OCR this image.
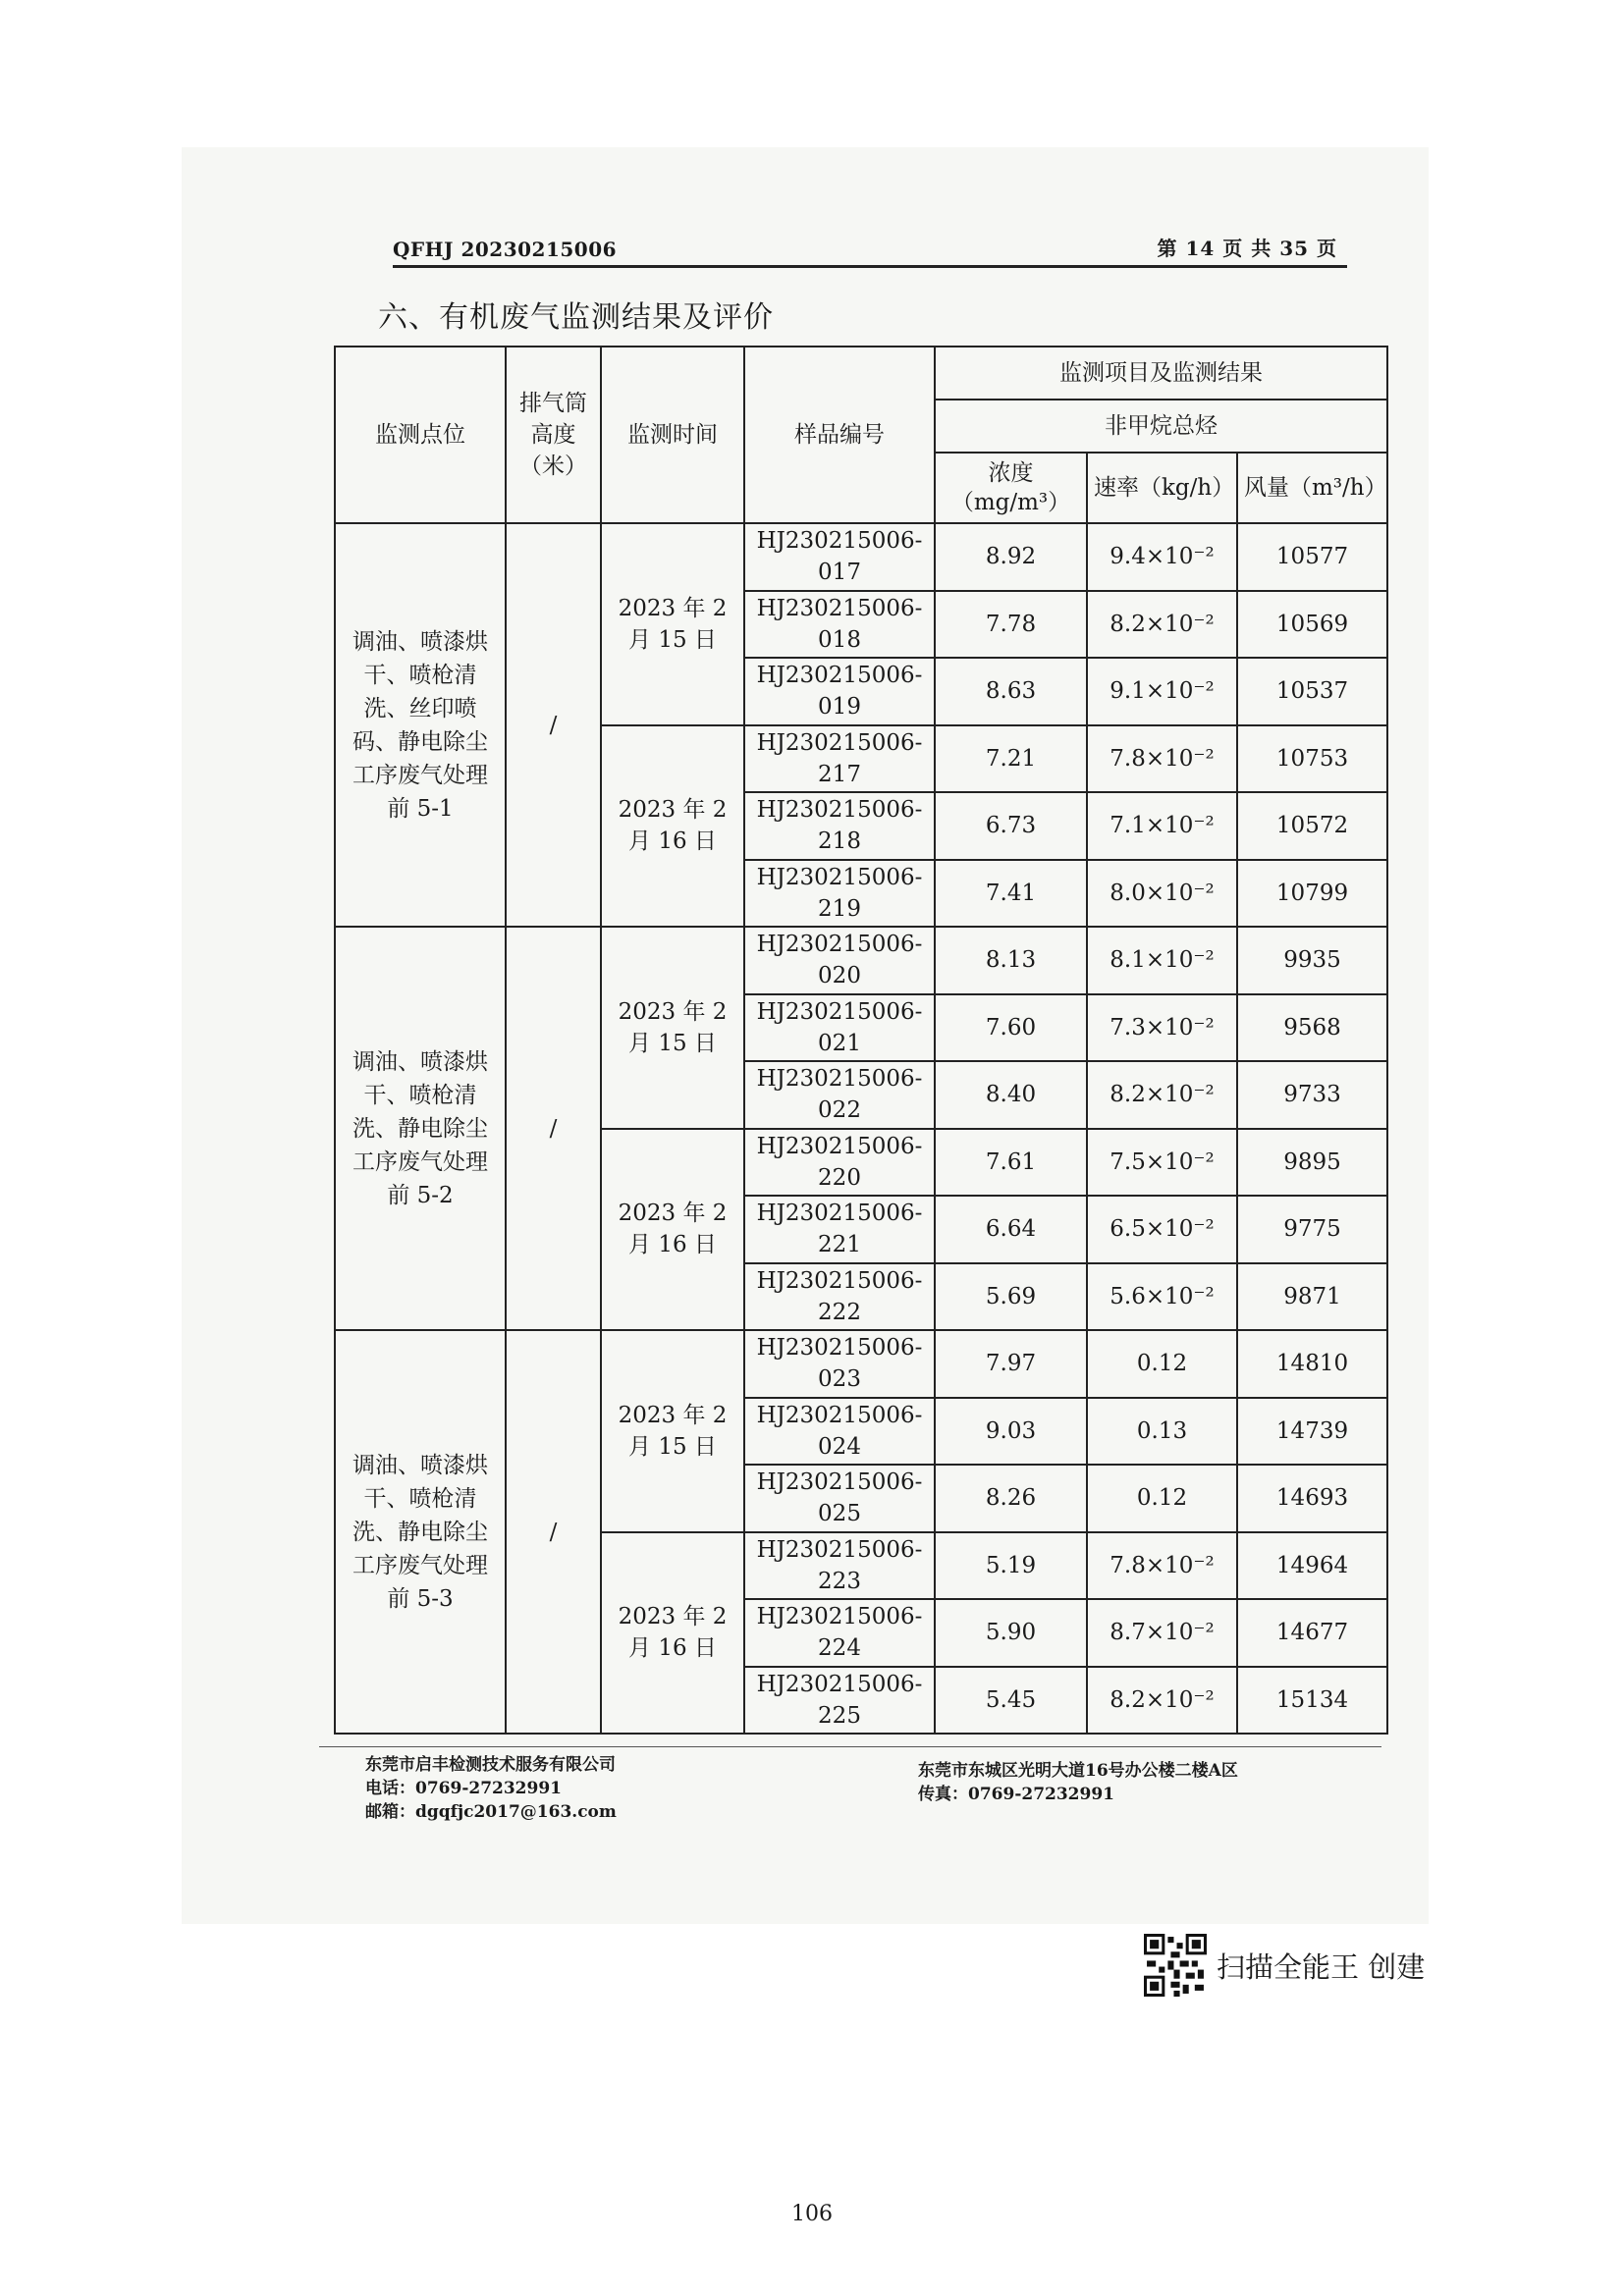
QFHJ 20230215006	第 14 页 共 35 页
六、有机废气监测结果及评价
监测点位	排气筒高度（米）	监测时间	样品编号	监测项目及监测结果		
				非甲烷总烃		
				浓度（mg/m³）	速率（kg/h）	风量（m³/h）
调油、喷漆烘干、喷枪清洗、丝印喷码、静电除尘工序废气处理前 5-1	/	2023 年 2 月 15 日	HJ230215006-017	8.92	9.4×10⁻²	10577
			HJ230215006-018	7.78	8.2×10⁻²	10569
			HJ230215006-019	8.63	9.1×10⁻²	10537
		2023 年 2 月 16 日	HJ230215006-217	7.21	7.8×10⁻²	10753
			HJ230215006-218	6.73	7.1×10⁻²	10572
			HJ230215006-219	7.41	8.0×10⁻²	10799
调油、喷漆烘干、喷枪清洗、静电除尘工序废气处理前 5-2	/	2023 年 2 月 15 日	HJ230215006-020	8.13	8.1×10⁻²	9935
			HJ230215006-021	7.60	7.3×10⁻²	9568
			HJ230215006-022	8.40	8.2×10⁻²	9733
		2023 年 2 月 16 日	HJ230215006-220	7.61	7.5×10⁻²	9895
			HJ230215006-221	6.64	6.5×10⁻²	9775
			HJ230215006-222	5.69	5.6×10⁻²	9871
调油、喷漆烘干、喷枪清洗、静电除尘工序废气处理前 5-3	/	2023 年 2 月 15 日	HJ230215006-023	7.97	0.12	14810
			HJ230215006-024	9.03	0.13	14739
			HJ230215006-025	8.26	0.12	14693
		2023 年 2 月 16 日	HJ230215006-223	5.19	7.8×10⁻²	14964
			HJ230215006-224	5.90	8.7×10⁻²	14677
			HJ230215006-225	5.45	8.2×10⁻²	15134
东莞市启丰检测技术服务有限公司
电话：0769-27232991
邮箱：dgqfjc2017@163.com
东莞市东城区光明大道16号办公楼二楼A区
传真：0769-27232991
扫描全能王 创建
106
